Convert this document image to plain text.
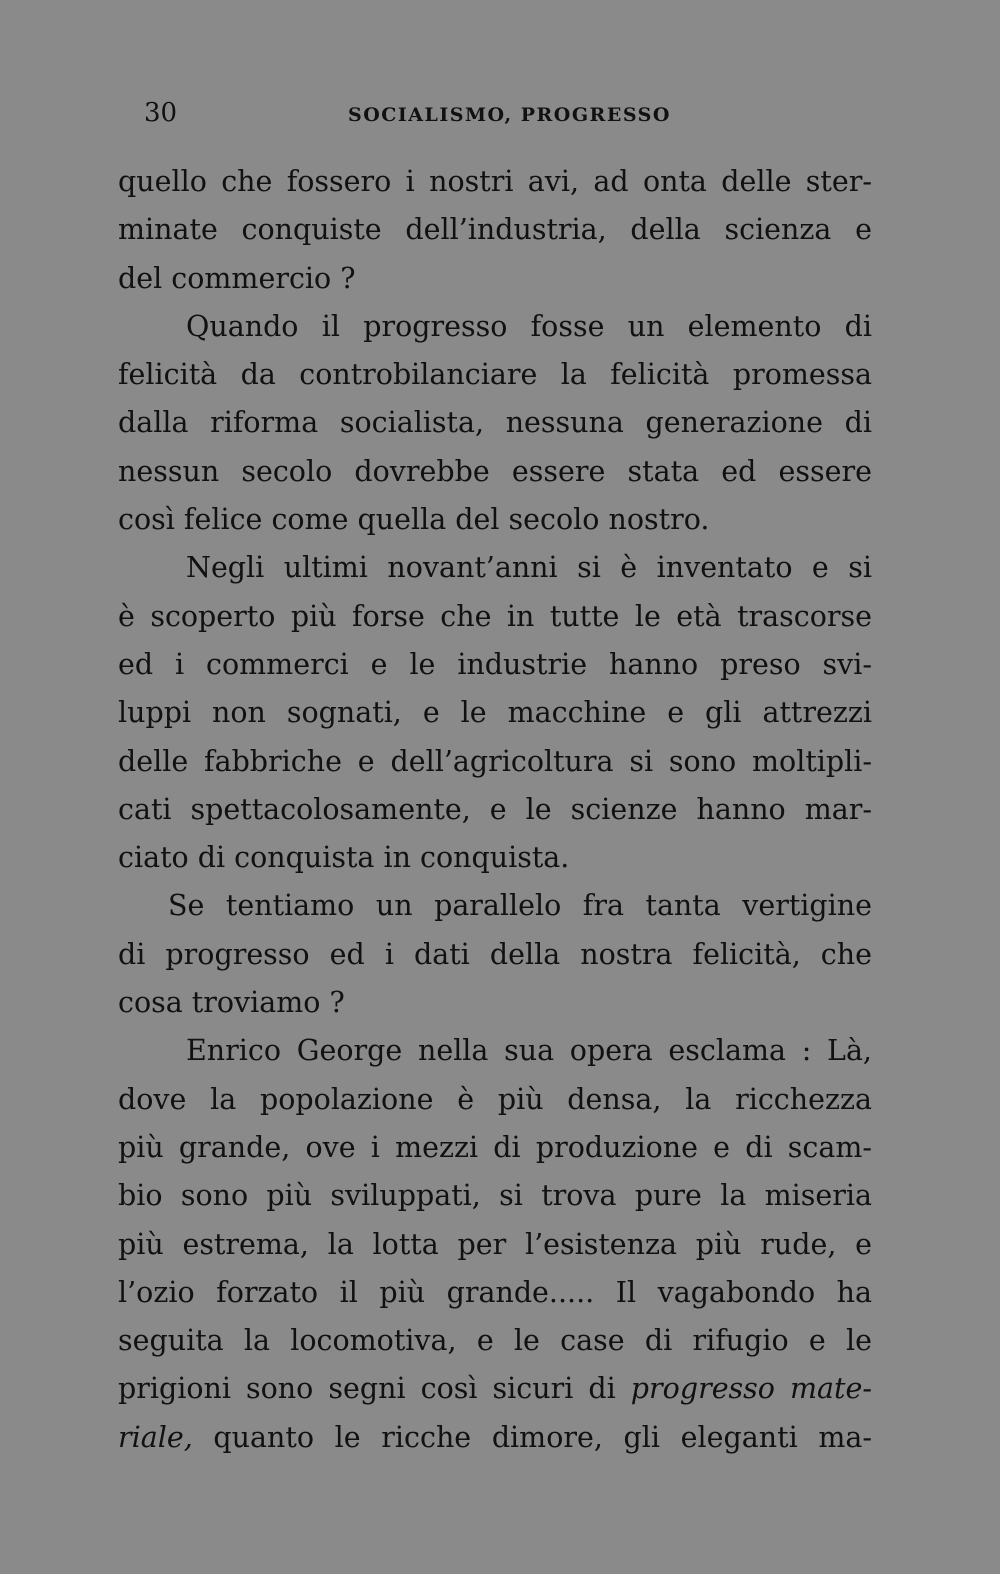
30	SOCIALISMO, PROGRESSO
quello che fossero i nostri avi, ad onta delle ster-
minate conquiste dell’industria, della scienza e
del commercio ?
Quando il progresso fosse un elemento di
felicità da controbilanciare la felicità promessa
dalla riforma socialista, nessuna generazione di
nessun secolo dovrebbe essere stata ed essere
così felice come quella del secolo nostro.
Negli ultimi novant’anni si è inventato e si
è scoperto più forse che in tutte le età trascorse
ed i commerci e le industrie hanno preso svi-
luppi non sognati, e le macchine e gli attrezzi
delle fabbriche e dell’agricoltura si sono moltipli-
cati spettacolosamente, e le scienze hanno mar-
ciato di conquista in conquista.
Se tentiamo un parallelo fra tanta vertigine
di progresso ed i dati della nostra felicità, che
cosa troviamo ?
Enrico George nella sua opera esclama : Là,
dove la popolazione è più densa, la ricchezza
più grande, ove i mezzi di produzione e di scam-
bio sono più sviluppati, si trova pure la miseria
più estrema, la lotta per l’esistenza più rude, e
l’ozio forzato il più grande..... Il vagabondo ha
seguita la locomotiva, e le case di rifugio e le
prigioni sono segni così sicuri di progresso mate-
riale, quanto le ricche dimore, gli eleganti ma-
